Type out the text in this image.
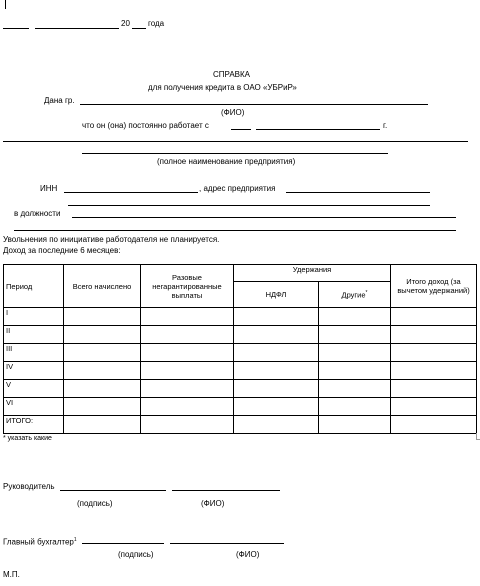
20 года
СПРАВКА
для получения кредита в ОАО «УБРиР»
Дана гр.
(ФИО)
что он (она) постоянно работает с	г.
(полное наименование предприятия)
ИНН	, адрес предприятия
в должности
Увольнения по инициативе работодателя не планируется.
Доход за последние 6 месяцев:
Период	Всего начислено	Разовые негарантированные выплаты	Удержания		Итого доход (за вычетом удержаний)
			НДФЛ	Другие*
I					
II					
III					
IV					
V					
VI					
ИТОГО:					
* указать какие
Руководитель
(подпись)	(ФИО)
Главный бухгалтер$^1$
(подпись)	(ФИО)
М.П.
